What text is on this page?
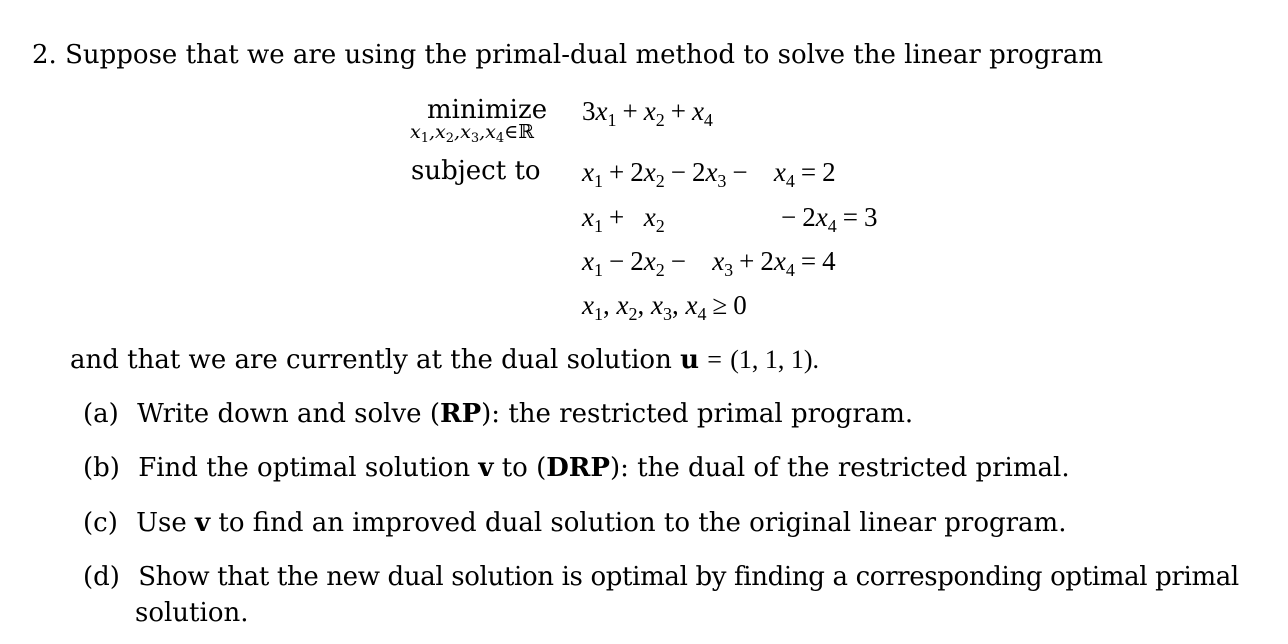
2. Suppose that we are using the primal-dual method to solve the linear program
minimize
$x_1,x_2,x_3,x_4\in ℝ$
$3x_1 + x_2 + x_4$
subject to $x_1 + 2x_2 - 2x_3 - x_4 = 2$
$x_1 + x_2$	− $2x_4 = 3$
$x_1 - 2x_2 - x_3 + 2x_4 = 4$
$x_1$, $x_2$, $x_3$, $x_4 \ge 0$
and that we are currently at the dual solution u = (1, 1, 1).
(a) Write down and solve (RP): the restricted primal program.
(b) Find the optimal solution v to (DRP): the dual of the restricted primal.
(c) Use v to find an improved dual solution to the original linear program.
(d) Show that the new dual solution is optimal by finding a corresponding optimal primal
solution.
